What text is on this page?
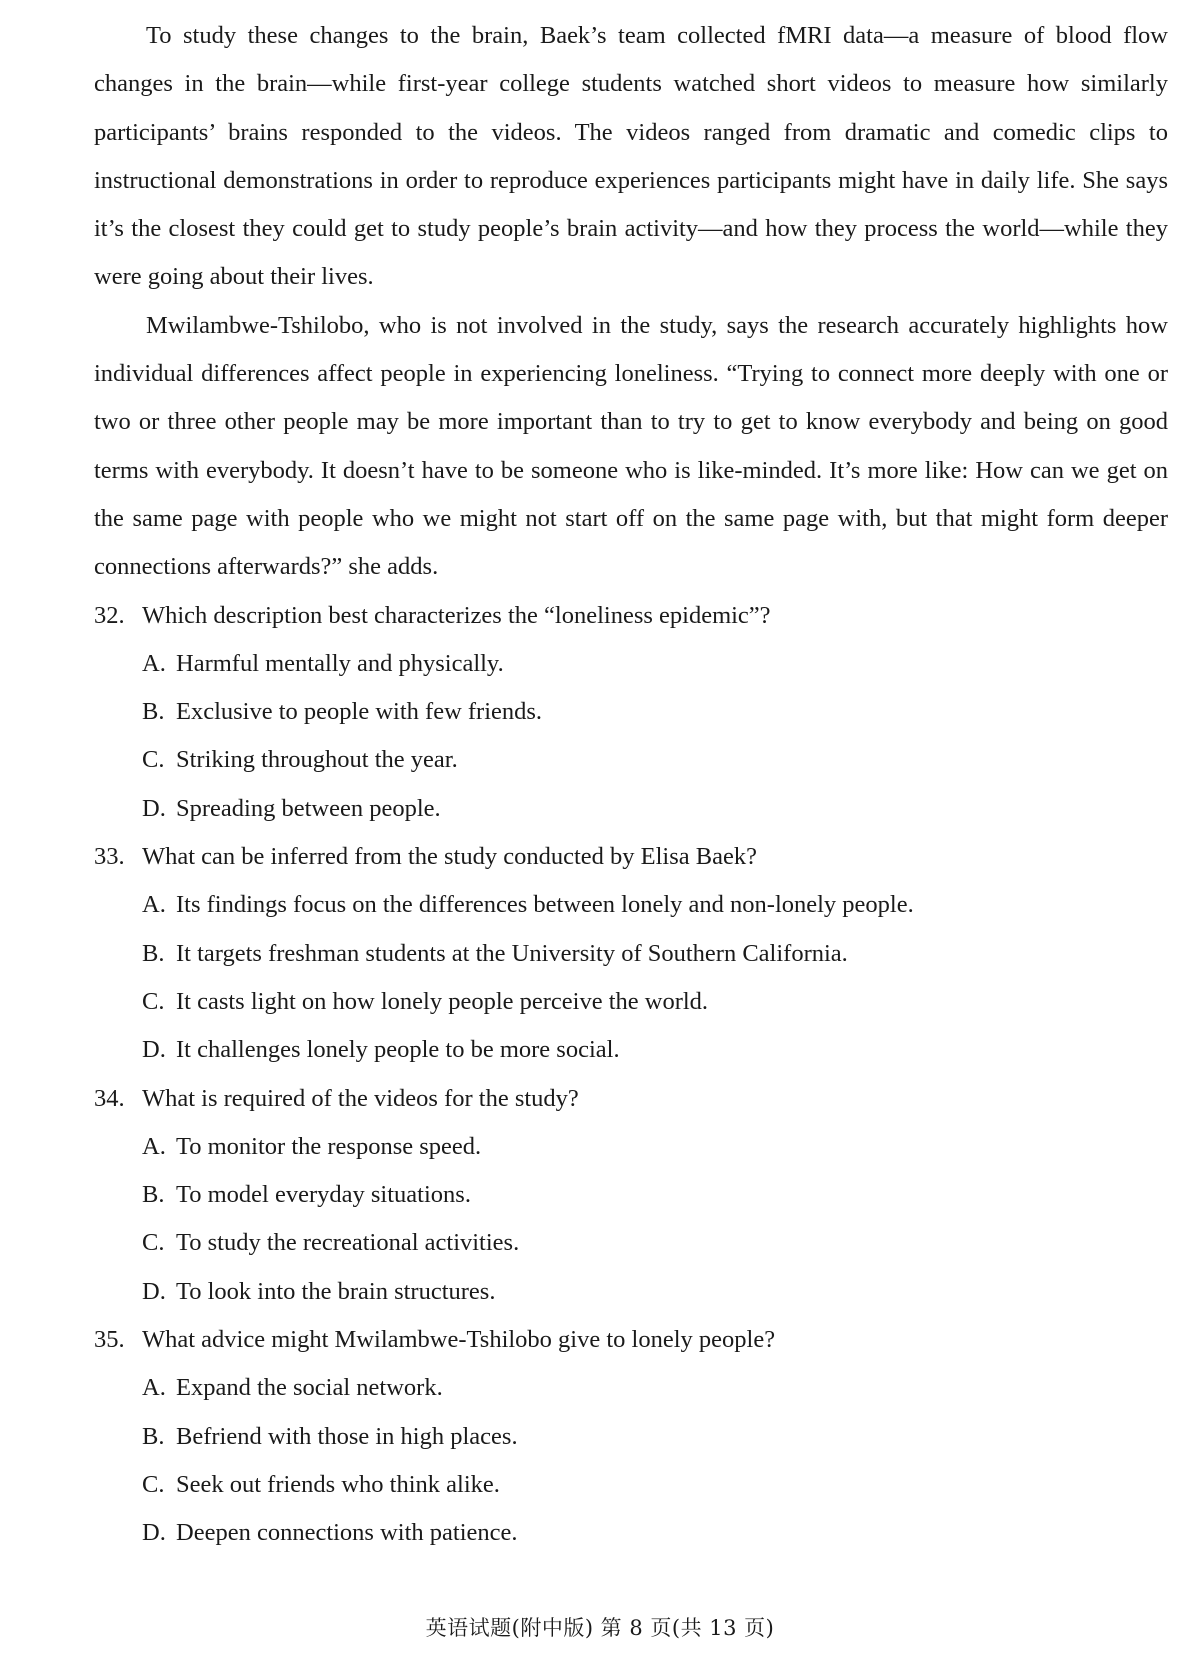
To study these changes to the brain, Baek’s team collected fMRI data—a measure of blood flow changes in the brain—while first-year college students watched short videos to measure how similarly participants’ brains responded to the videos. The videos ranged from dramatic and comedic clips to instructional demonstrations in order to reproduce experiences participants might have in daily life. She says it’s the closest they could get to study people’s brain activity—and how they process the world—while they were going about their lives.

Mwilambwe-Tshilobo, who is not involved in the study, says the research accurately highlights how individual differences affect people in experiencing loneliness. “Trying to connect more deeply with one or two or three other people may be more important than to try to get to know everybody and being on good terms with everybody. It doesn’t have to be someone who is like-minded. It’s more like: How can we get on the same page with people who we might not start off on the same page with, but that might form deeper connections afterwards?” she adds.

32. Which description best characterizes the “loneliness epidemic”?

A. Harmful mentally and physically.

B. Exclusive to people with few friends.

C. Striking throughout the year.

D. Spreading between people.

33. What can be inferred from the study conducted by Elisa Baek?

A. Its findings focus on the differences between lonely and non-lonely people.

B. It targets freshman students at the University of Southern California.

C. It casts light on how lonely people perceive the world.

D. It challenges lonely people to be more social.

34. What is required of the videos for the study?

A. To monitor the response speed.

B. To model everyday situations.

C. To study the recreational activities.

D. To look into the brain structures.

35. What advice might Mwilambwe-Tshilobo give to lonely people?

A. Expand the social network.

B. Befriend with those in high places.

C. Seek out friends who think alike.

D. Deepen connections with patience.

英语试题(附中版) 第 8 页(共 13 页)
